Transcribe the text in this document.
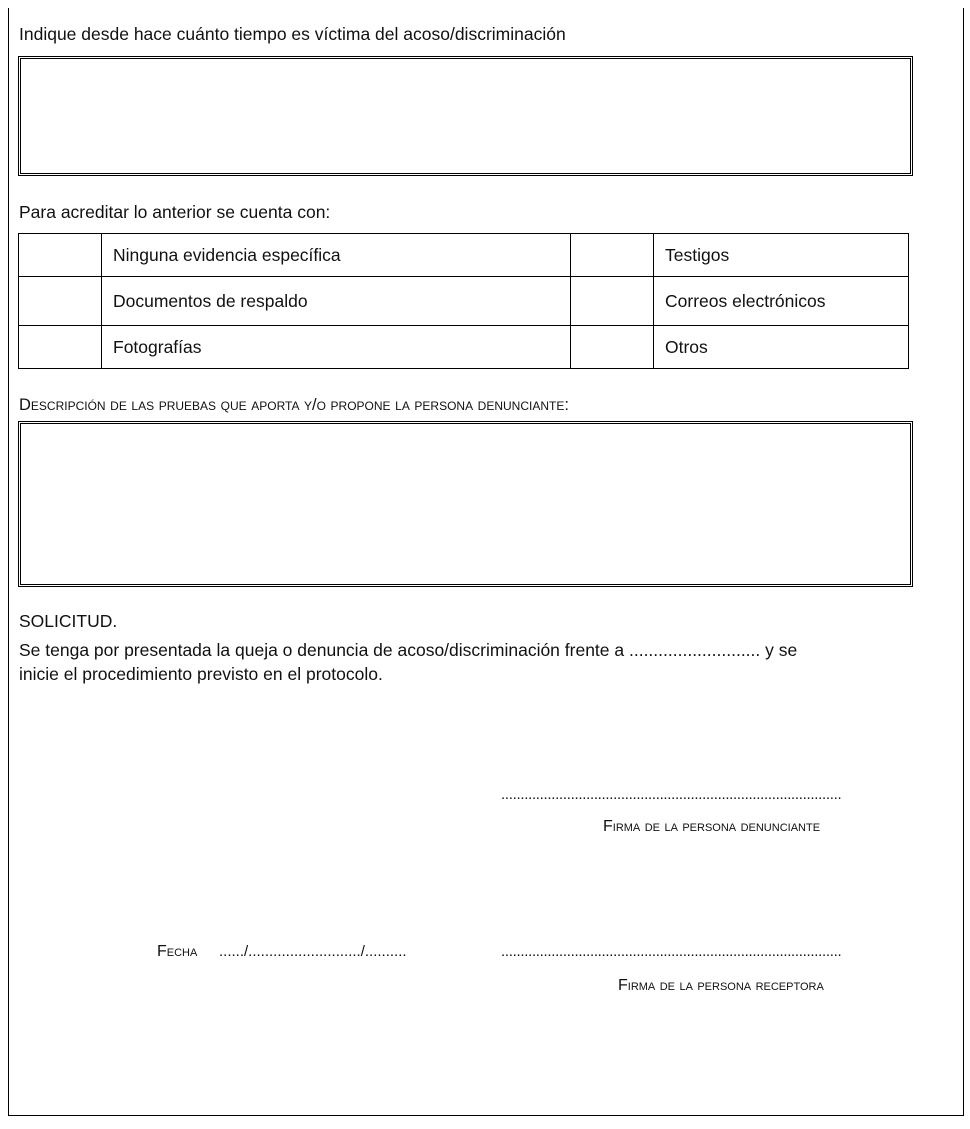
Indique desde hace cuánto tiempo es víctima del acoso/discriminación
Para acreditar lo anterior se cuenta con:
	Ninguna evidencia específica		Testigos
	Documentos de respaldo		Correos electrónicos
	Fotografías		Otros
Descripción de las pruebas que aporta y/o propone la persona denunciante:
SOLICITUD.
Se tenga por presentada la queja o denuncia de acoso/discriminación frente a ........................... y se
inicie el procedimiento previsto en el protocolo.
........................................................................................
Firma de la persona denunciante
Fecha ....../.........................../..........	........................................................................................
Firma de la persona receptora
